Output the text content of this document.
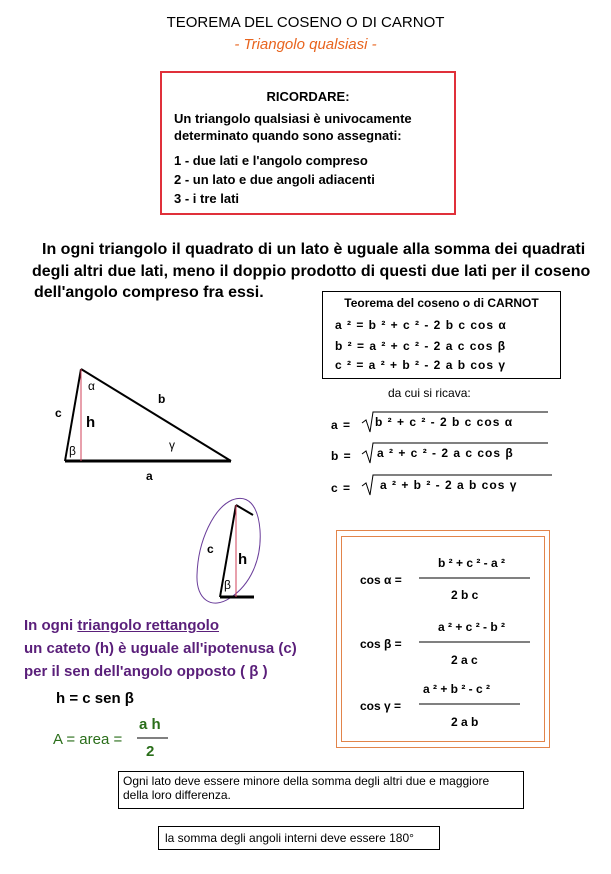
TEOREMA DEL COSENO O DI CARNOT
- Triangolo qualsiasi -
RICORDARE:
Un triangolo qualsiasi è univocamente
determinato quando sono assegnati:
1 - due lati e l'angolo compreso
2 - un lato e due angoli adiacenti
3 - i tre lati
In ogni triangolo il quadrato di un lato è uguale alla somma dei quadrati
degli altri due lati, meno il doppio prodotto di questi due lati per il coseno
dell'angolo compreso fra essi.
Teorema del coseno o di CARNOT
a ² = b ² + c ² - 2 b c cos α
b ² = a ² + c ² - 2 a c cos β
c ² = a ² + b ² - 2 a b cos γ
da cui si ricava:
a = b ² + c ² - 2 b c cos α
b = a ² + c ² - 2 a c cos β
c = a ² + b ² - 2 a b cos γ
α
β	γ
b
c
h
a
c
h
β
In ogni triangolo rettangolo
un cateto (h) è uguale all'ipotenusa (c)
per il sen dell'angolo opposto ( β )
h = c sen β
A = area =
a h
2
cos α =
b ² + c ² - a ²
2 b c
cos β =
a ² + c ² - b ²
2 a c
cos γ =
a ² + b ² - c ²
2 a b
Ogni lato deve essere minore della somma degli altri due e maggiore
della loro differenza.
la somma degli angoli interni deve essere 180°
